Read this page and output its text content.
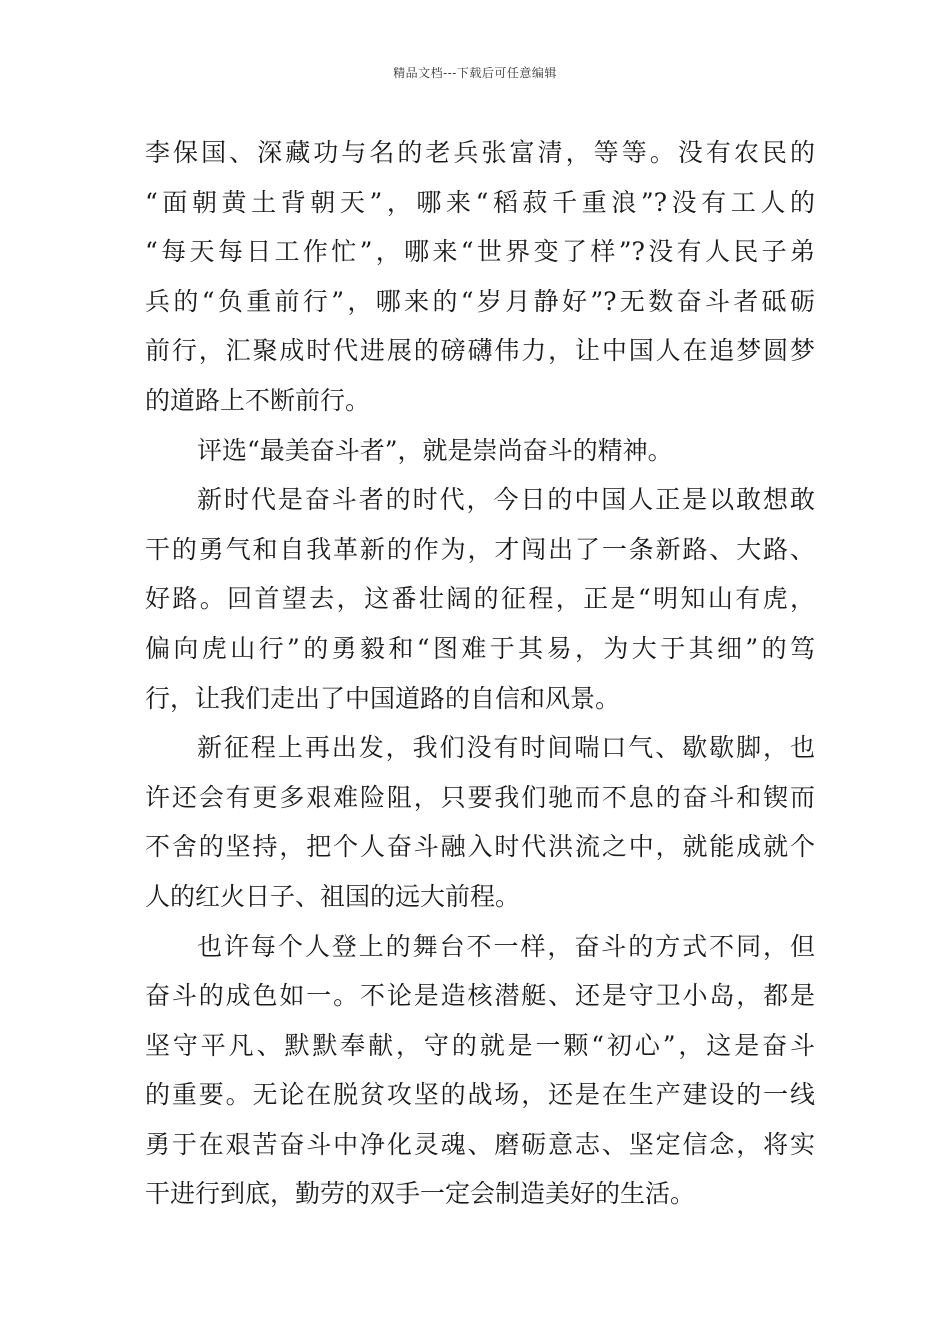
精品文档---下载后可任意编辑
李保国、深藏功与名的老兵张富清，等等。没有农民的
“面朝黄土背朝天”，哪来“稻菽千重浪”?没有工人的
“每天每日工作忙”，哪来“世界变了样”?没有人民子弟
兵的“负重前行”，哪来的“岁月静好”?无数奋斗者砥砺
前行，汇聚成时代进展的磅礴伟力，让中国人在追梦圆梦
的道路上不断前行。
评选“最美奋斗者”，就是崇尚奋斗的精神。
新时代是奋斗者的时代，今日的中国人正是以敢想敢
干的勇气和自我革新的作为，才闯出了一条新路、大路、
好路。回首望去，这番壮阔的征程，正是“明知山有虎，
偏向虎山行”的勇毅和“图难于其易，为大于其细”的笃
行，让我们走出了中国道路的自信和风景。
新征程上再出发，我们没有时间喘口气、歇歇脚，也
许还会有更多艰难险阻，只要我们驰而不息的奋斗和锲而
不舍的坚持，把个人奋斗融入时代洪流之中，就能成就个
人的红火日子、祖国的远大前程。
也许每个人登上的舞台不一样，奋斗的方式不同，但
奋斗的成色如一。不论是造核潜艇、还是守卫小岛，都是
坚守平凡、默默奉献，守的就是一颗“初心”，这是奋斗
的重要。无论在脱贫攻坚的战场，还是在生产建设的一线
勇于在艰苦奋斗中净化灵魂、磨砺意志、坚定信念，将实
干进行到底，勤劳的双手一定会制造美好的生活。
